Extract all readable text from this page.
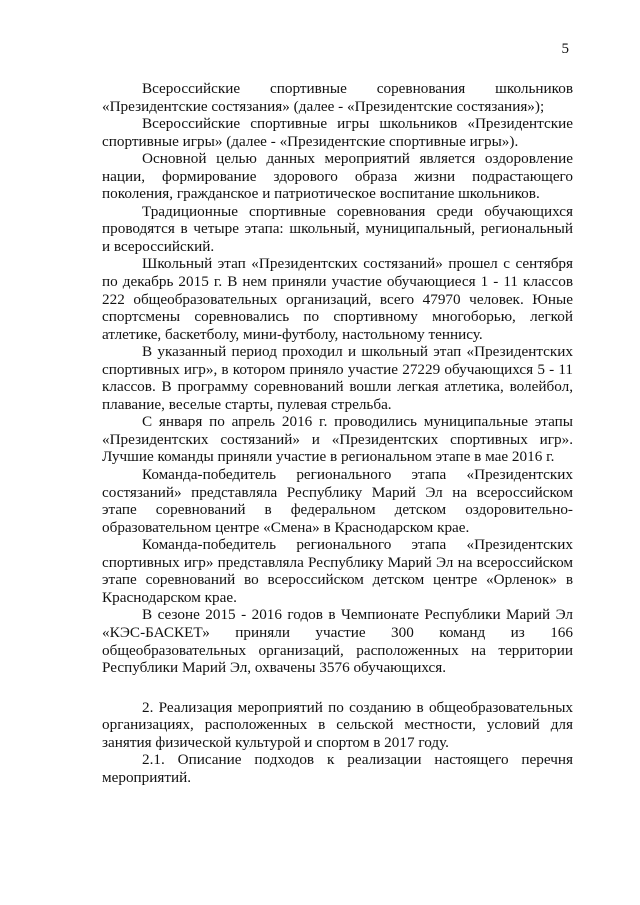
5

Всероссийские спортивные соревнования школьников «Президентские состязания» (далее - «Президентские состязания»);

Всероссийские спортивные игры школьников «Президентские спортивные игры» (далее - «Президентские спортивные игры»).

Основной целью данных мероприятий является оздоровление нации, формирование здорового образа жизни подрастающего поколения, гражданское и патриотическое воспитание школьников.

Традиционные спортивные соревнования среди обучающихся проводятся в четыре этапа: школьный, муниципальный, региональный и всероссийский.

Школьный этап «Президентских состязаний» прошел с сентября по декабрь 2015 г. В нем приняли участие обучающиеся 1 - 11 классов 222 общеобразовательных организаций, всего 47970 человек. Юные спортсмены соревновались по спортивному многоборью, легкой атлетике, баскетболу, мини-футболу, настольному теннису.

В указанный период проходил и школьный этап «Президентских спортивных игр», в котором приняло участие 27229 обучающихся 5 - 11 классов. В программу соревнований вошли легкая атлетика, волейбол, плавание, веселые старты, пулевая стрельба.

С января по апрель 2016 г. проводились муниципальные этапы «Президентских состязаний» и «Президентских спортивных игр». Лучшие команды приняли участие в региональном этапе в мае 2016 г.

Команда-победитель регионального этапа «Президентских состязаний» представляла Республику Марий Эл на всероссийском этапе соревнований в федеральном детском оздоровительно-образовательном центре «Смена» в Краснодарском крае.

Команда-победитель регионального этапа «Президентских спортивных игр» представляла Республику Марий Эл на всероссийском этапе соревнований во всероссийском детском центре «Орленок» в Краснодарском крае.

В сезоне 2015 - 2016 годов в Чемпионате Республики Марий Эл «КЭС-БАСКЕТ» приняли участие 300 команд из 166 общеобразовательных организаций, расположенных на территории Республики Марий Эл, охвачены 3576 обучающихся.

2. Реализация мероприятий по созданию в общеобразовательных организациях, расположенных в сельской местности, условий для занятия физической культурой и спортом в 2017 году.

2.1. Описание подходов к реализации настоящего перечня мероприятий.
